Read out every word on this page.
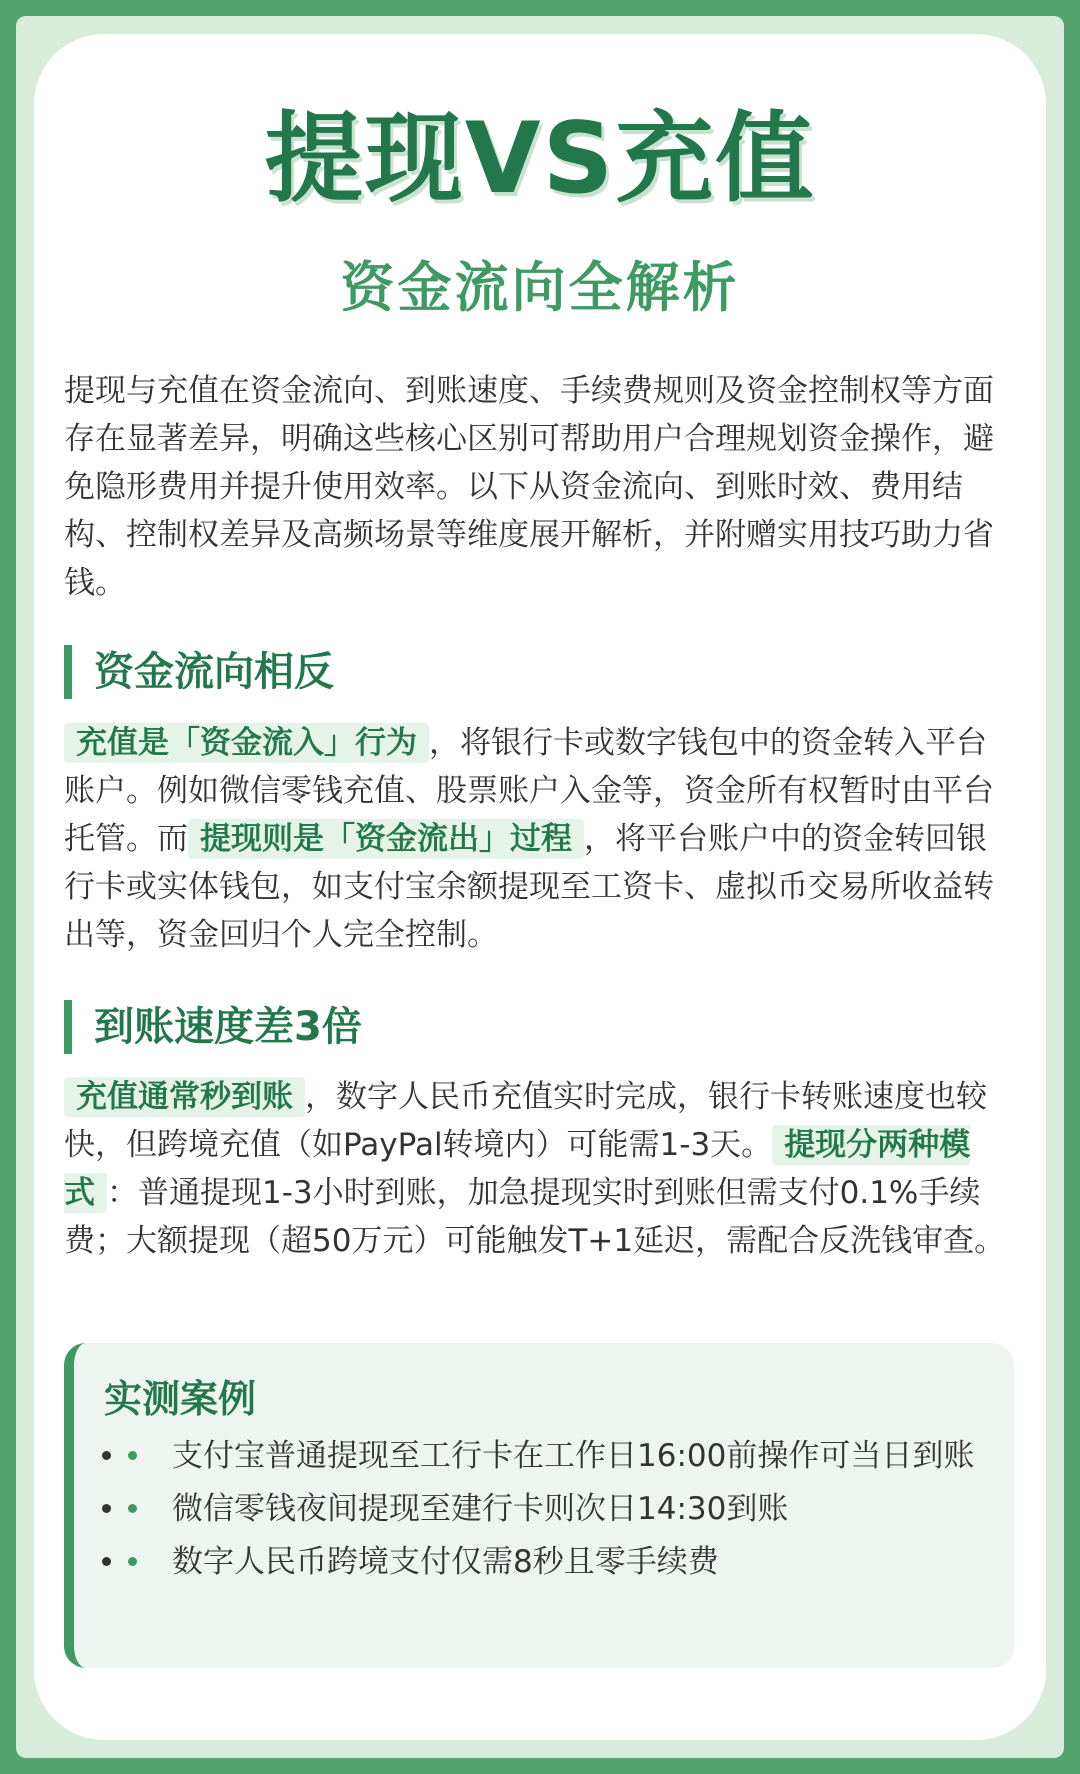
提现VS充值
资金流向全解析

提现与充值在资金流向、到账速度、手续费规则及资金控制权等方面存在显著差异，明确这些核心区别可帮助用户合理规划资金操作，避免隐形费用并提升使用效率。以下从资金流向、到账时效、费用结构、控制权差异及高频场景等维度展开解析，并附赠实用技巧助力省钱。

资金流向相反

充值是「资金流入」行为 ，将银行卡或数字钱包中的资金转入平台账户。例如微信零钱充值、股票账户入金等，资金所有权暂时由平台托管。而 提现则是「资金流出」过程 ，将平台账户中的资金转回银行卡或实体钱包，如支付宝余额提现至工资卡、虚拟币交易所收益转出等，资金回归个人完全控制。

到账速度差3倍

充值通常秒到账 ，数字人民币充值实时完成，银行卡转账速度也较快，但跨境充值（如PayPal转境内）可能需1-3天。 提现分两种模式 ：普通提现1-3小时到账，加急提现实时到账但需支付0.1%手续费；大额提现（超50万元）可能触发T+1延迟，需配合反洗钱审查。

实测案例
支付宝普通提现至工行卡在工作日16:00前操作可当日到账
微信零钱夜间提现至建行卡则次日14:30到账
数字人民币跨境支付仅需8秒且零手续费
